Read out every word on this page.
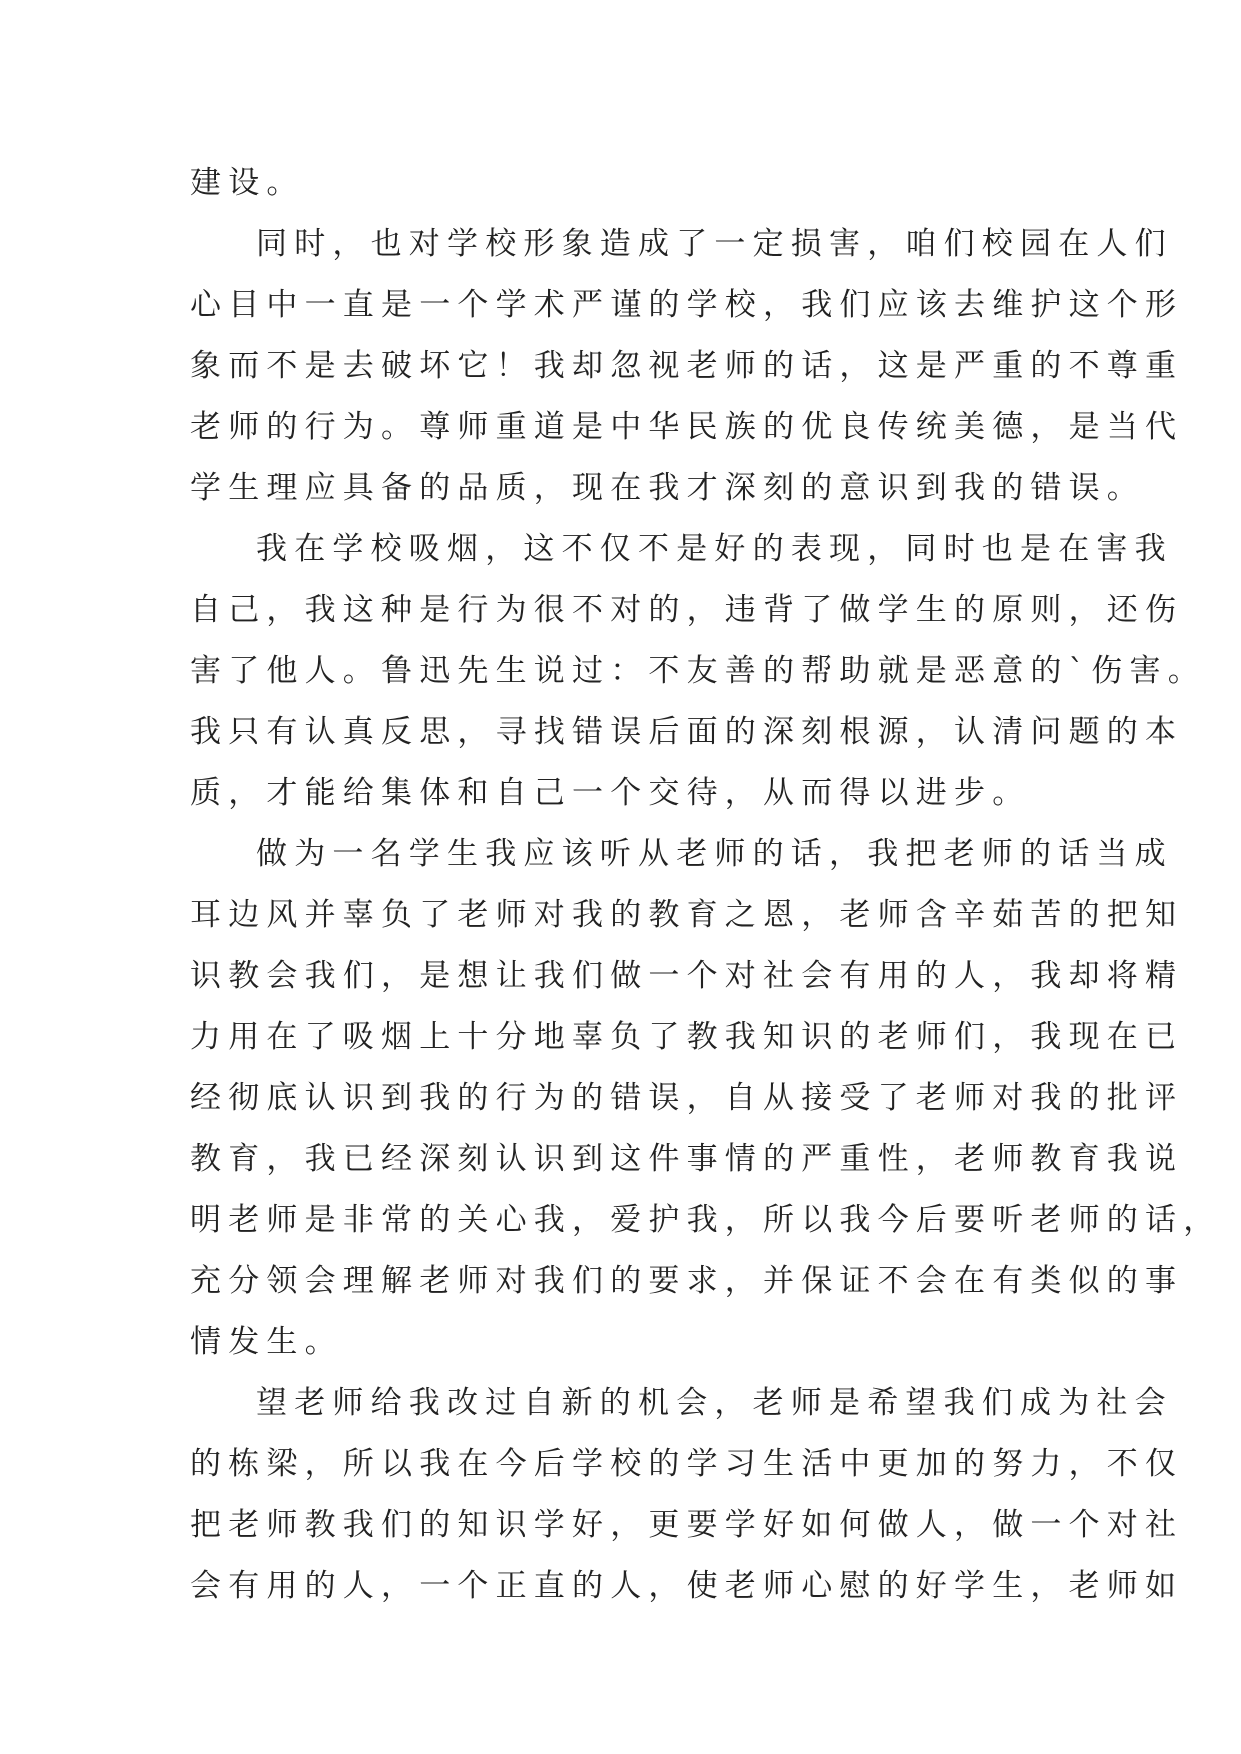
建设。
同时，也对学校形象造成了一定损害，咱们校园在人们
心目中一直是一个学术严谨的学校，我们应该去维护这个形
象而不是去破坏它！我却忽视老师的话，这是严重的不尊重
老师的行为。尊师重道是中华民族的优良传统美德，是当代
学生理应具备的品质，现在我才深刻的意识到我的错误。
我在学校吸烟，这不仅不是好的表现，同时也是在害我
自己，我这种是行为很不对的，违背了做学生的原则，还伤
害了他人。鲁迅先生说过：不友善的帮助就是恶意的`伤害。
我只有认真反思，寻找错误后面的深刻根源，认清问题的本
质，才能给集体和自己一个交待，从而得以进步。
做为一名学生我应该听从老师的话，我把老师的话当成
耳边风并辜负了老师对我的教育之恩，老师含辛茹苦的把知
识教会我们，是想让我们做一个对社会有用的人，我却将精
力用在了吸烟上十分地辜负了教我知识的老师们，我现在已
经彻底认识到我的行为的错误，自从接受了老师对我的批评
教育，我已经深刻认识到这件事情的严重性，老师教育我说
明老师是非常的关心我，爱护我，所以我今后要听老师的话，
充分领会理解老师对我们的要求，并保证不会在有类似的事
情发生。
望老师给我改过自新的机会，老师是希望我们成为社会
的栋梁，所以我在今后学校的学习生活中更加的努力，不仅
把老师教我们的知识学好，更要学好如何做人，做一个对社
会有用的人，一个正直的人，使老师心慰的好学生，老师如
